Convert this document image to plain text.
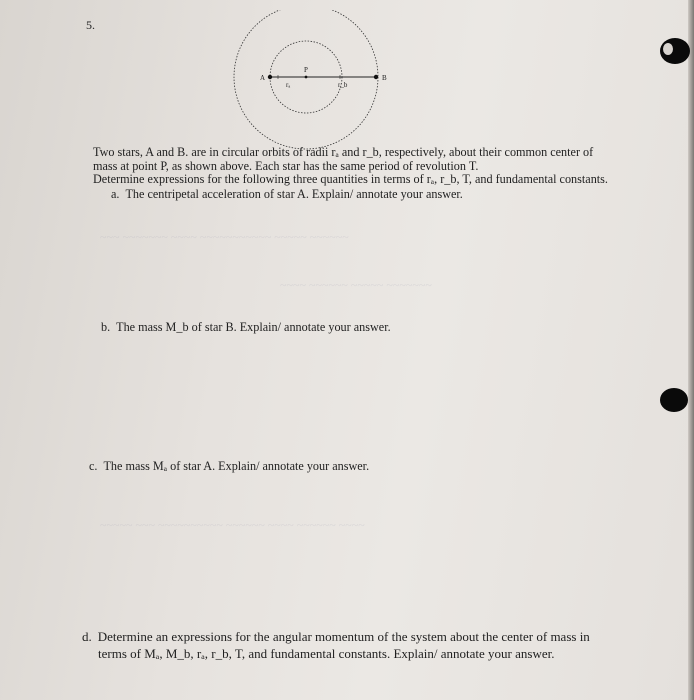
~~~ ~~~~~~~ ~~~~ ~~~~~~~~~~~ ~~~~~ ~~~~~~
~~~~ ~~~~~~ ~~~~~ ~~~~~~~
~~~~~ ~~~ ~~~~~~~~~~ ~~~~~~ ~~~~ ~~~~~~ ~~~~
5.
A	B
P
rₐ	r_b

Two stars, A and B. are in circular orbits of radii rₐ and r_b, respectively, about their common center of

mass at point P, as shown above. Each star has the same period of revolution T.

Determine expressions for the following three quantities in terms of rₐ, r_b, T, and fundamental constants.

a. The centripetal acceleration of star A. Explain/ annotate your answer.
b. The mass M_b of star B. Explain/ annotate your answer.
c. The mass Mₐ of star A. Explain/ annotate your answer.
d. Determine an expressions for the angular momentum of the system about the center of mass in
terms of Mₐ, M_b, rₐ, r_b, T, and fundamental constants. Explain/ annotate your answer.
